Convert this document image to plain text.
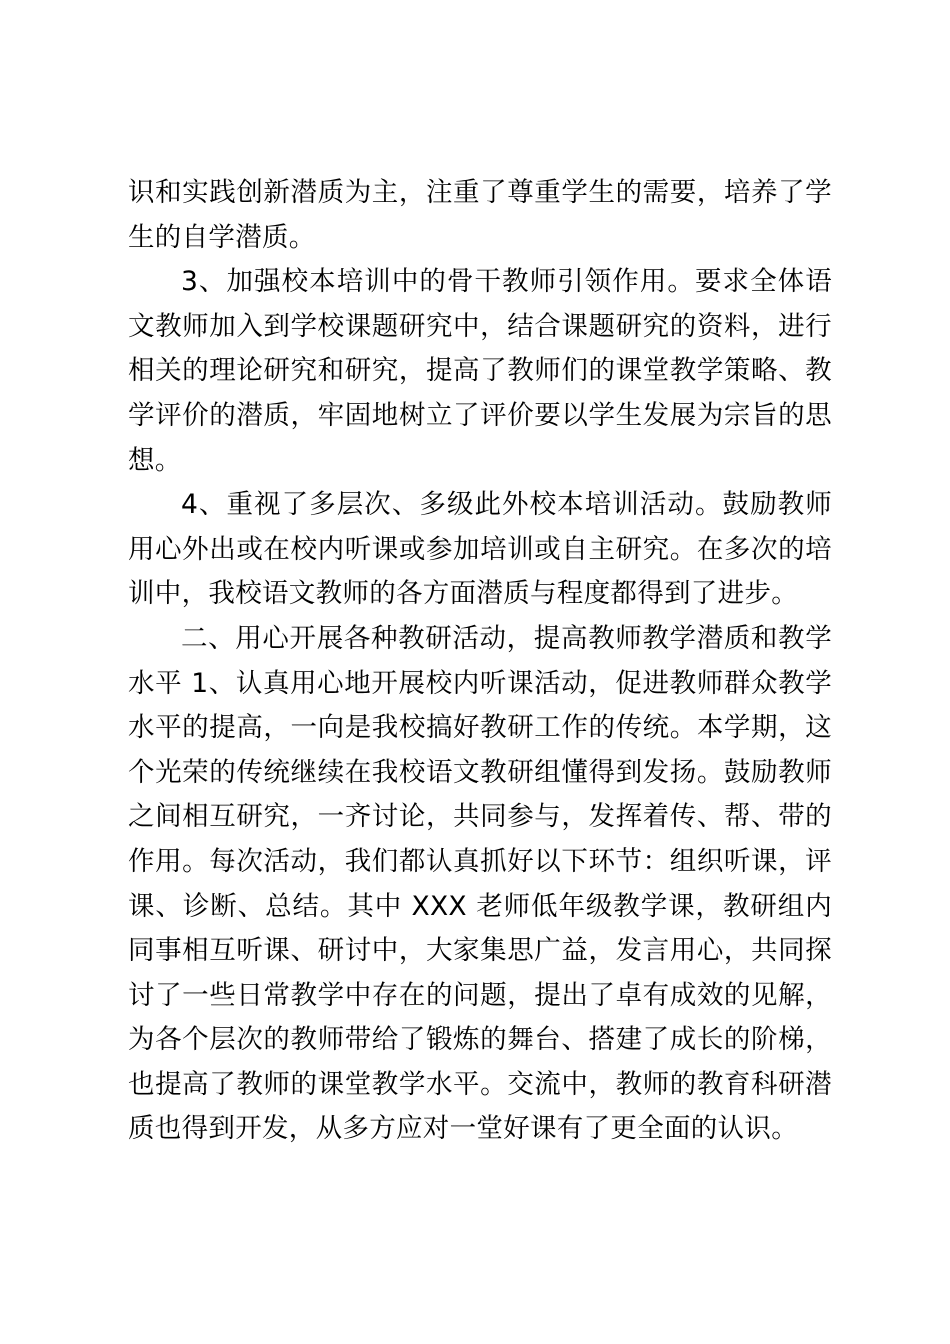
识和实践创新潜质为主，注重了尊重学生的需要，培养了学生的自学潜质。

3、加强校本培训中的骨干教师引领作用。要求全体语文教师加入到学校课题研究中，结合课题研究的资料，进行相关的理论研究和研究，提高了教师们的课堂教学策略、教学评价的潜质，牢固地树立了评价要以学生发展为宗旨的思想。

4、重视了多层次、多级此外校本培训活动。鼓励教师用心外出或在校内听课或参加培训或自主研究。在多次的培训中，我校语文教师的各方面潜质与程度都得到了进步。

二、用心开展各种教研活动，提高教师教学潜质和教学水平 1、认真用心地开展校内听课活动，促进教师群众教学水平的提高，一向是我校搞好教研工作的传统。本学期，这个光荣的传统继续在我校语文教研组懂得到发扬。鼓励教师之间相互研究，一齐讨论，共同参与，发挥着传、帮、带的作用。每次活动，我们都认真抓好以下环节：组织听课，评课、诊断、总结。其中 XXX 老师低年级教学课，教研组内同事相互听课、研讨中，大家集思广益，发言用心，共同探讨了一些日常教学中存在的问题，提出了卓有成效的见解，为各个层次的教师带给了锻炼的舞台、搭建了成长的阶梯，也提高了教师的课堂教学水平。交流中，教师的教育科研潜质也得到开发，从多方应对一堂好课有了更全面的认识。
